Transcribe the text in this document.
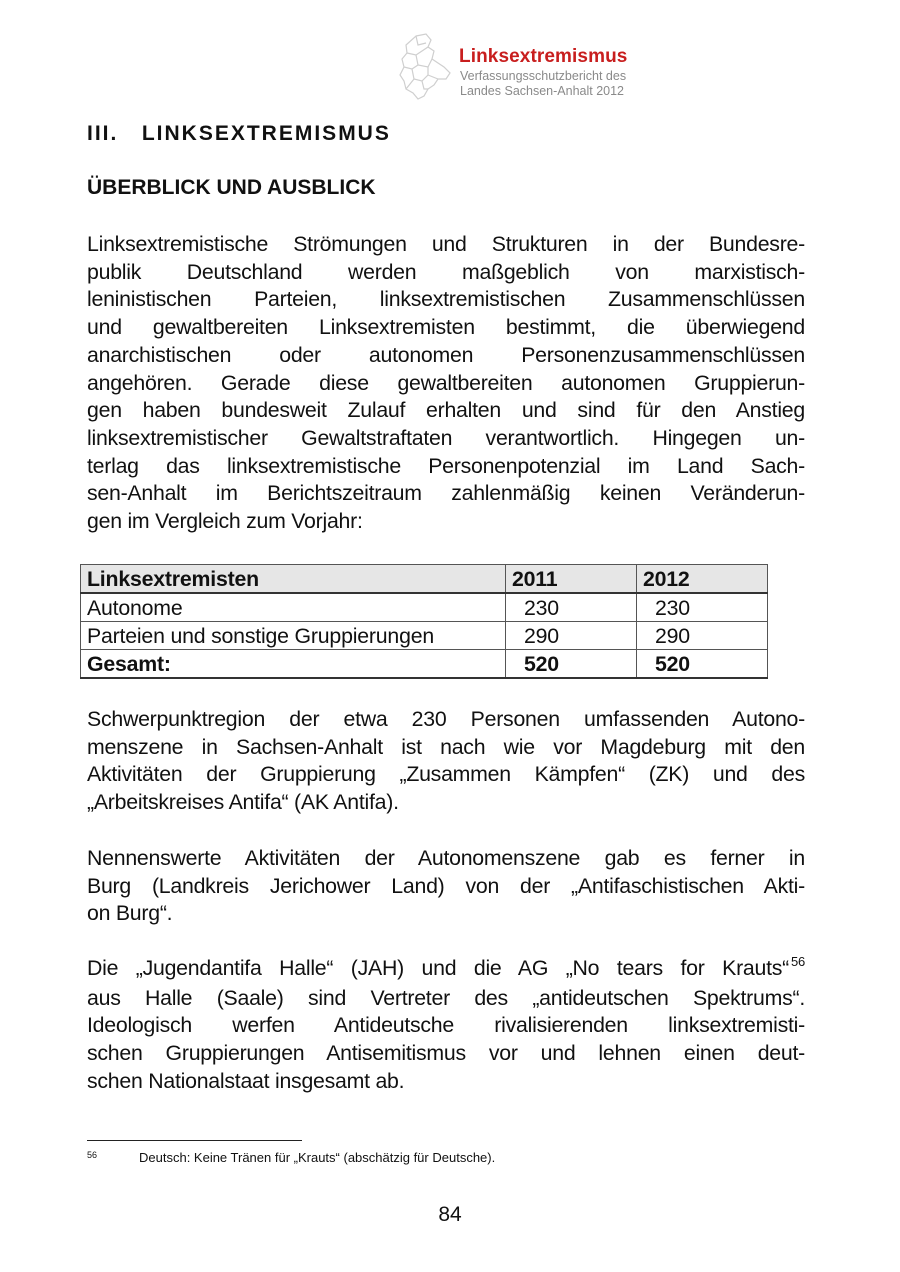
Linksextremismus
Verfassungsschutzbericht des
Landes Sachsen-Anhalt 2012
III.   LINKSEXTREMISMUS
ÜBERBLICK UND AUSBLICK

Linksextremistische Strömungen und Strukturen in der Bundesre-
publik Deutschland werden maßgeblich von marxistisch-
leninistischen Parteien, linksextremistischen Zusammenschlüssen
und gewaltbereiten Linksextremisten bestimmt, die überwiegend
anarchistischen oder autonomen Personenzusammenschlüssen
angehören. Gerade diese gewaltbereiten autonomen Gruppierun-
gen haben bundesweit Zulauf erhalten und sind für den Anstieg
linksextremistischer Gewaltstraftaten verantwortlich. Hingegen un-
terlag das linksextremistische Personenpotenzial im Land Sach-
sen-Anhalt im Berichtszeitraum zahlenmäßig keinen Veränderun-
gen im Vergleich zum Vorjahr:

Linksextremisten	2011	2012
Autonome	230	230
Parteien und sonstige Gruppierungen	290	290
Gesamt:	520	520

Schwerpunktregion der etwa 230 Personen umfassenden Autono-
menszene in Sachsen-Anhalt ist nach wie vor Magdeburg mit den
Aktivitäten der Gruppierung „Zusammen Kämpfen“ (ZK) und des
„Arbeitskreises Antifa“ (AK Antifa).

Nennenswerte Aktivitäten der Autonomenszene gab es ferner in
Burg (Landkreis Jerichower Land) von der „Antifaschistischen Akti-
on Burg“.

Die „Jugendantifa Halle“ (JAH) und die AG „No tears for Krauts“ $^{56}$
aus Halle (Saale) sind Vertreter des „antideutschen Spektrums“.
Ideologisch werfen Antideutsche rivalisierenden linksextremisti-
schen Gruppierungen Antisemitismus vor und lehnen einen deut-
schen Nationalstaat insgesamt ab.

$^{56}$	Deutsch: Keine Tränen für „Krauts“ (abschätzig für Deutsche).
84
